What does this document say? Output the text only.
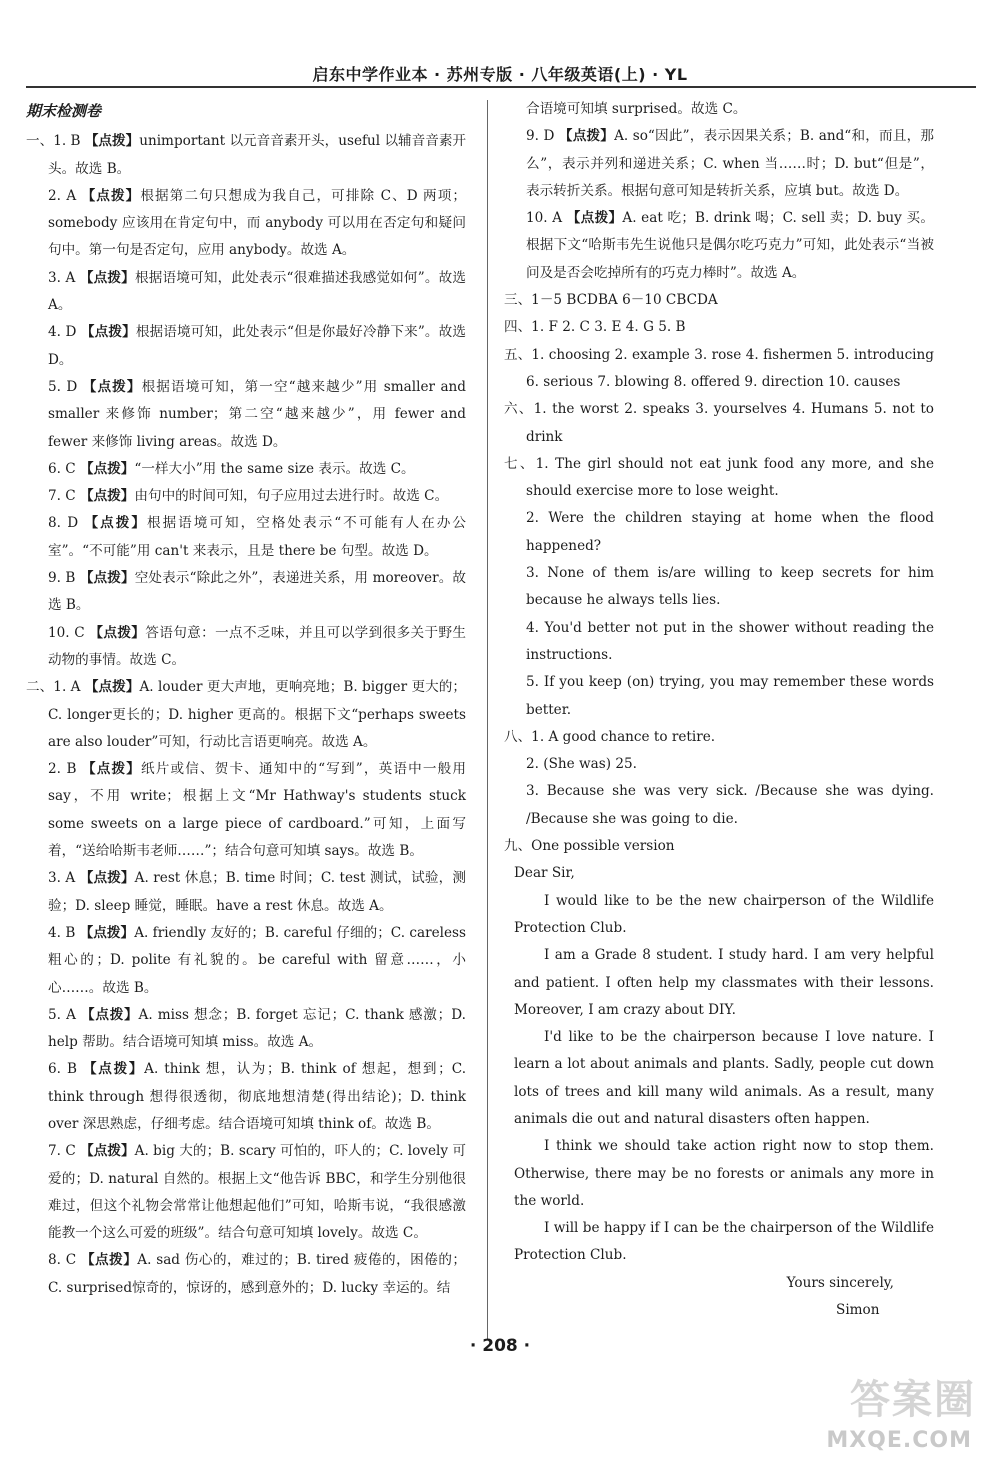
启东中学作业本 · 苏州专版 · 八年级英语(上) · YL
期末检测卷

一、1. B 【点拨】unimportant 以元音音素开头，useful 以辅音音素开头。故选 B。

2. A 【点拨】根据第二句只想成为我自己，可排除 C、D 两项；somebody 应该用在肯定句中，而 anybody 可以用在否定句和疑问句中。第一句是否定句，应用 anybody。故选 A。

3. A 【点拨】根据语境可知，此处表示“很难描述我感觉如何”。故选 A。

4. D 【点拨】根据语境可知，此处表示“但是你最好冷静下来”。故选 D。

5. D 【点拨】根据语境可知，第一空“越来越少”用 smaller and smaller 来修饰 number；第二空“越来越少”，用 fewer and fewer 来修饰 living areas。故选 D。

6. C 【点拨】“一样大小”用 the same size 表示。故选 C。

7. C 【点拨】由句中的时间可知，句子应用过去进行时。故选 C。

8. D 【点拨】根据语境可知，空格处表示“不可能有人在办公室”。“不可能”用 can't 来表示，且是 there be 句型。故选 D。

9. B 【点拨】空处表示“除此之外”，表递进关系，用 moreover。故选 B。

10. C 【点拨】答语句意：一点不乏味，并且可以学到很多关于野生动物的事情。故选 C。

二、1. A 【点拨】A. louder 更大声地，更响亮地；B. bigger 更大的；C. longer更长的；D. higher 更高的。根据下文“perhaps sweets are also louder”可知，行动比言语更响亮。故选 A。

2. B 【点拨】纸片或信、贺卡、通知中的“写到”，英语中一般用 say，不用 write；根据上文“Mr Hathway's students stuck some sweets on a large piece of cardboard.”可知，上面写着，“送给哈斯韦老师……”；结合句意可知填 says。故选 B。

3. A 【点拨】A. rest 休息；B. time 时间；C. test 测试，试验，测验；D. sleep 睡觉，睡眠。have a rest 休息。故选 A。

4. B 【点拨】A. friendly 友好的；B. careful 仔细的；C. careless 粗心的；D. polite 有礼貌的。be careful with 留意……，小心……。故选 B。

5. A 【点拨】A. miss 想念；B. forget 忘记；C. thank 感激；D. help 帮助。结合语境可知填 miss。故选 A。

6. B 【点拨】A. think 想，认为；B. think of 想起，想到；C. think through 想得很透彻，彻底地想清楚(得出结论)；D. think over 深思熟虑，仔细考虑。结合语境可知填 think of。故选 B。

7. C 【点拨】A. big 大的；B. scary 可怕的，吓人的；C. lovely 可爱的；D. natural 自然的。根据上文“他告诉 BBC，和学生分别他很难过，但这个礼物会常常让他想起他们”可知，哈斯韦说，“我很感激能教一个这么可爱的班级”。结合句意可知填 lovely。故选 C。

8. C 【点拨】A. sad 伤心的，难过的；B. tired 疲倦的，困倦的；C. surprised惊奇的，惊讶的，感到意外的；D. lucky 幸运的。结

合语境可知填 surprised。故选 C。

9. D 【点拨】A. so“因此”，表示因果关系；B. and“和，而且，那么”，表示并列和递进关系；C. when 当……时；D. but“但是”，表示转折关系。根据句意可知是转折关系，应填 but。故选 D。

10. A 【点拨】A. eat 吃；B. drink 喝；C. sell 卖；D. buy 买。根据下文“哈斯韦先生说他只是偶尔吃巧克力”可知，此处表示“当被问及是否会吃掉所有的巧克力棒时”。故选 A。

三、1－5 BCDBA 6－10 CBCDA

四、1. F 2. C 3. E 4. G 5. B

五、1. choosing 2. example 3. rose 4. fishermen 5. introducing 6. serious 7. blowing 8. offered 9. direction 10. causes

六、1. the worst 2. speaks 3. yourselves 4. Humans 5. not to drink

七、1. The girl should not eat junk food any more, and she should exercise more to lose weight.

2. Were the children staying at home when the flood happened?

3. None of them is/are willing to keep secrets for him because he always tells lies.

4. You'd better not put in the shower without reading the instructions.

5. If you keep (on) trying, you may remember these words better.

八、1. A good chance to retire.

2. (She was) 25.

3. Because she was very sick. /Because she was dying. /Because she was going to die.

九、One possible version

Dear Sir,

I would like to be the new chairperson of the Wildlife Protection Club.

I am a Grade 8 student. I study hard. I am very helpful and patient. I often help my classmates with their lessons. Moreover, I am crazy about DIY.

I'd like to be the chairperson because I love nature. I learn a lot about animals and plants. Sadly, people cut down lots of trees and kill many wild animals. As a result, many animals die out and natural disasters often happen.

I think we should take action right now to stop them. Otherwise, there may be no forests or animals any more in the world.

I will be happy if I can be the chairperson of the Wildlife Protection Club.

Yours sincerely,

Simon

· 208 ·
答案圈
MXQE.COM
